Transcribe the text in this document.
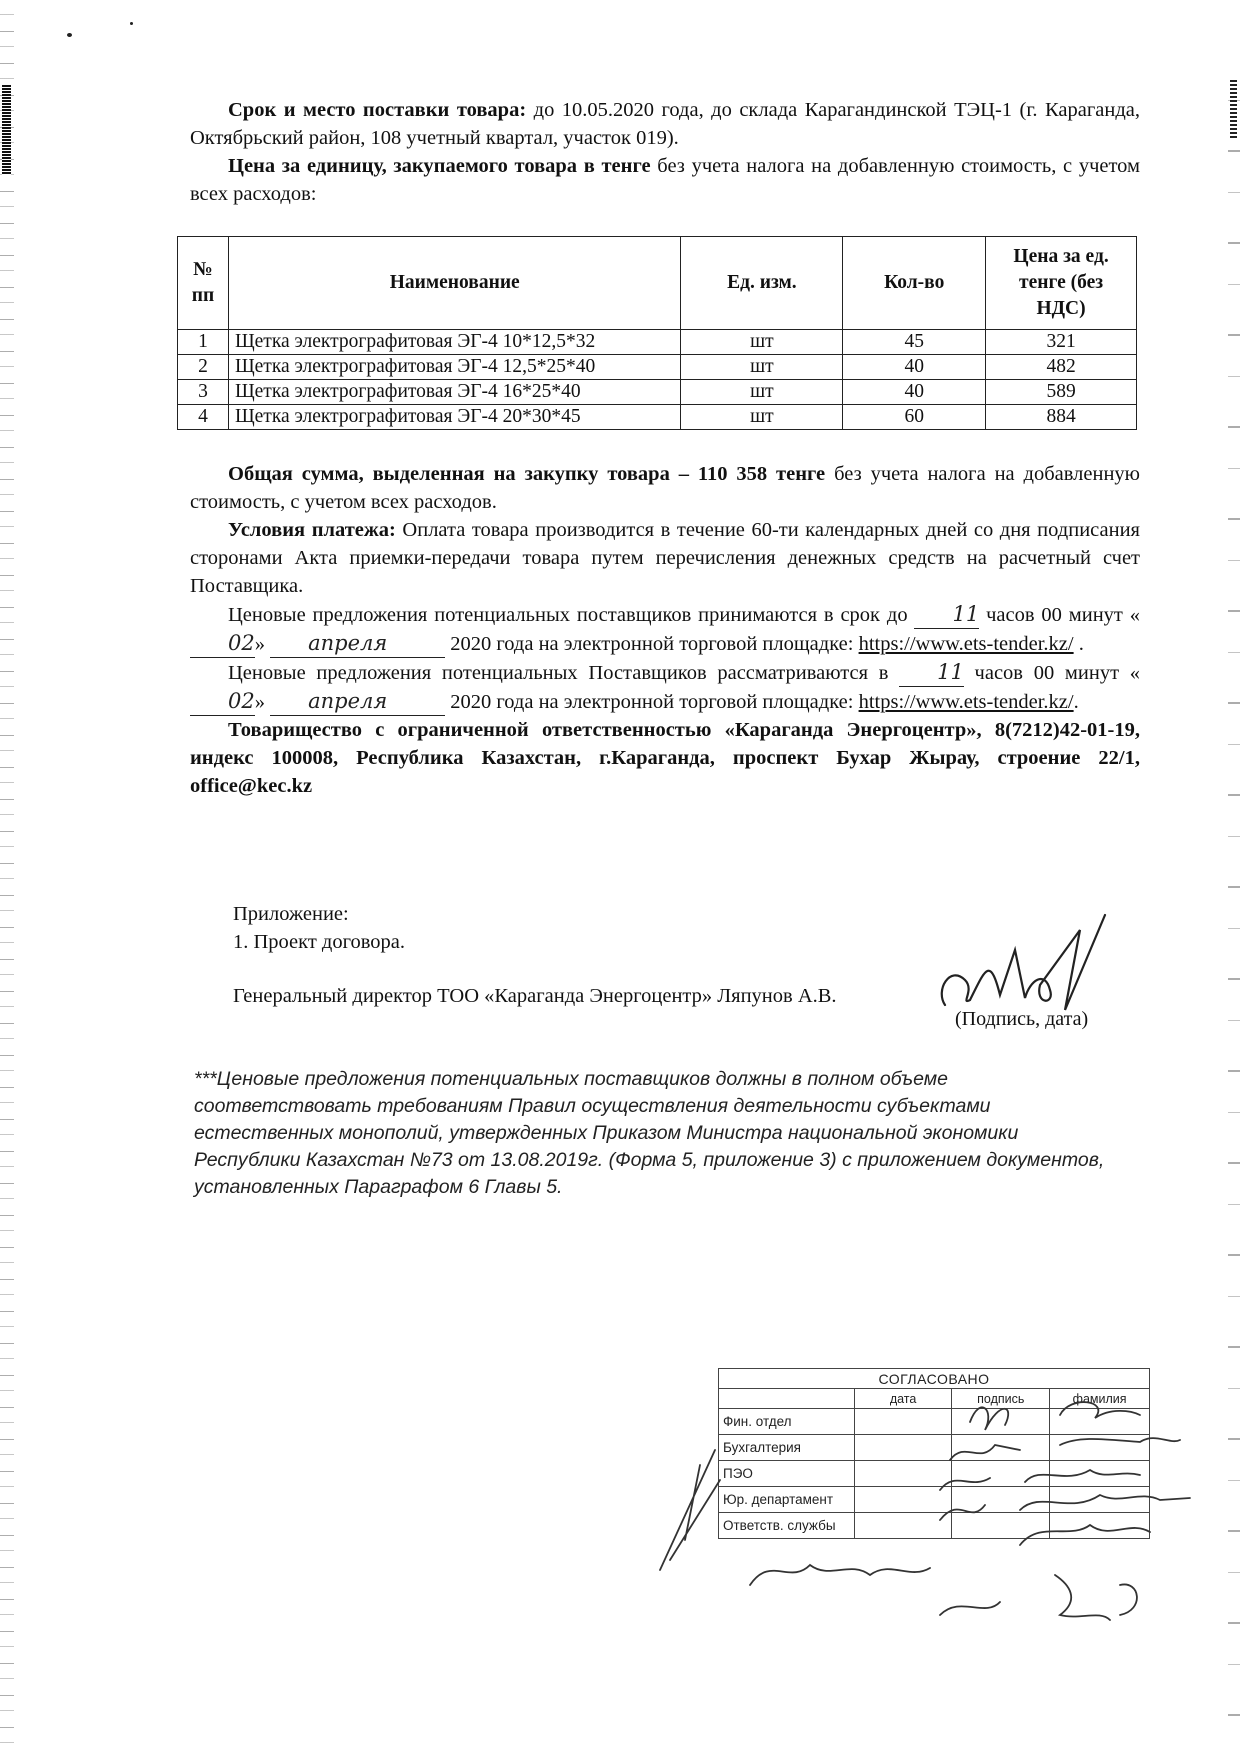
Срок и место поставки товара: до 10.05.2020 года, до склада Карагандинской ТЭЦ-1 (г. Караганда, Октябрьский район, 108 учетный квартал, участок 019).

Цена за единицу, закупаемого товара в тенге без учета налога на добавленную стоимость, с учетом всех расходов:

№ пп	Наименование	Ед. изм.	Кол-во	Цена за ед. тенге (без НДС)
1	Щетка электрографитовая ЭГ-4 10*12,5*32	шт	45	321
2	Щетка электрографитовая ЭГ-4 12,5*25*40	шт	40	482
3	Щетка электрографитовая ЭГ-4 16*25*40	шт	40	589
4	Щетка электрографитовая ЭГ-4 20*30*45	шт	60	884

Общая сумма, выделенная на закупку товара – 110 358 тенге без учета налога на добавленную стоимость, с учетом всех расходов.

Условия платежа: Оплата товара производится в течение 60-ти календарных дней со дня подписания сторонами Акта приемки-передачи товара путем перечисления денежных средств на расчетный счет Поставщика.

Ценовые предложения потенциальных поставщиков принимаются в срок до 11 часов 00 минут «02» апреля	2020 года на электронной торговой площадке: https://www.ets-tender.kz/ .

Ценовые предложения потенциальных Поставщиков рассматриваются в 11 часов 00 минут «02» апреля	2020 года на электронной торговой площадке: https://www.ets-tender.kz/.

Товарищество с ограниченной ответственностью «Караганда Энергоцентр», 8(7212)42-01-19, индекс 100008, Республика Казахстан, г.Караганда, проспект Бухар Жырау, строение 22/1, office@kec.kz

Приложение:
1. Проект договора.
Генеральный директор ТОО «Караганда Энергоцентр» Ляпунов А.В.
(Подпись, дата)
***Ценовые предложения потенциальных поставщиков должны в полном объеме соответствовать требованиям Правил осуществления деятельности субъектами естественных монополий, утвержденных Приказом Министра национальной экономики Республики Казахстан №73 от 13.08.2019г. (Форма 5, приложение 3) с приложением документов, установленных Параграфом 6 Главы 5.
СОГЛАСОВАНО			
	дата	подпись	фамилия
Фин. отдел			
Бухгалтерия			
ПЭО			
Юр. департамент			
Ответств. службы			
